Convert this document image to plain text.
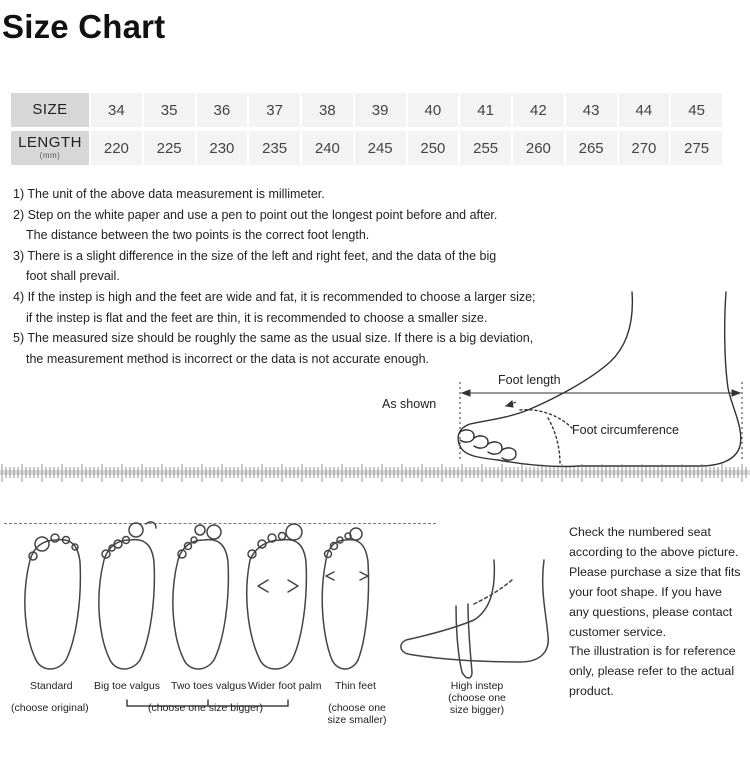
Size Chart
SIZE	34	35	36	37	38	39	40	41	42	43	44	45

LENGTH
(mm)	220	225	230	235	240	245	250	255	260	265	270	275

1) The unit of the above data measurement is millimeter.

2) Step on the white paper and use a pen to point out the longest point before and after.

The distance between the two points is the correct foot length.

3) There is a slight difference in the size of the left and right feet, and the data of the big

foot shall prevail.

4) If the instep is high and the feet are wide and fat, it is recommended to choose a larger size;

if the instep is flat and the feet are thin, it is recommended to choose a smaller size.

5) The measured size should be roughly the same as the usual size. If there is a big deviation,

the measurement method is incorrect or the data is not accurate enough.

Foot length
As shown
Foot circumference
Standard Big toe valgus Two toes valgus Wider foot palm Thin feet
(choose original)	(choose one size bigger)	(choose one
size smaller)
High instep
(choose one
size bigger)

Check the numbered seat

according to the above picture.

Please purchase a size that fits

your foot shape. If you have

any questions, please contact

customer service.

The illustration is for reference

only, please refer to the actual

product.
